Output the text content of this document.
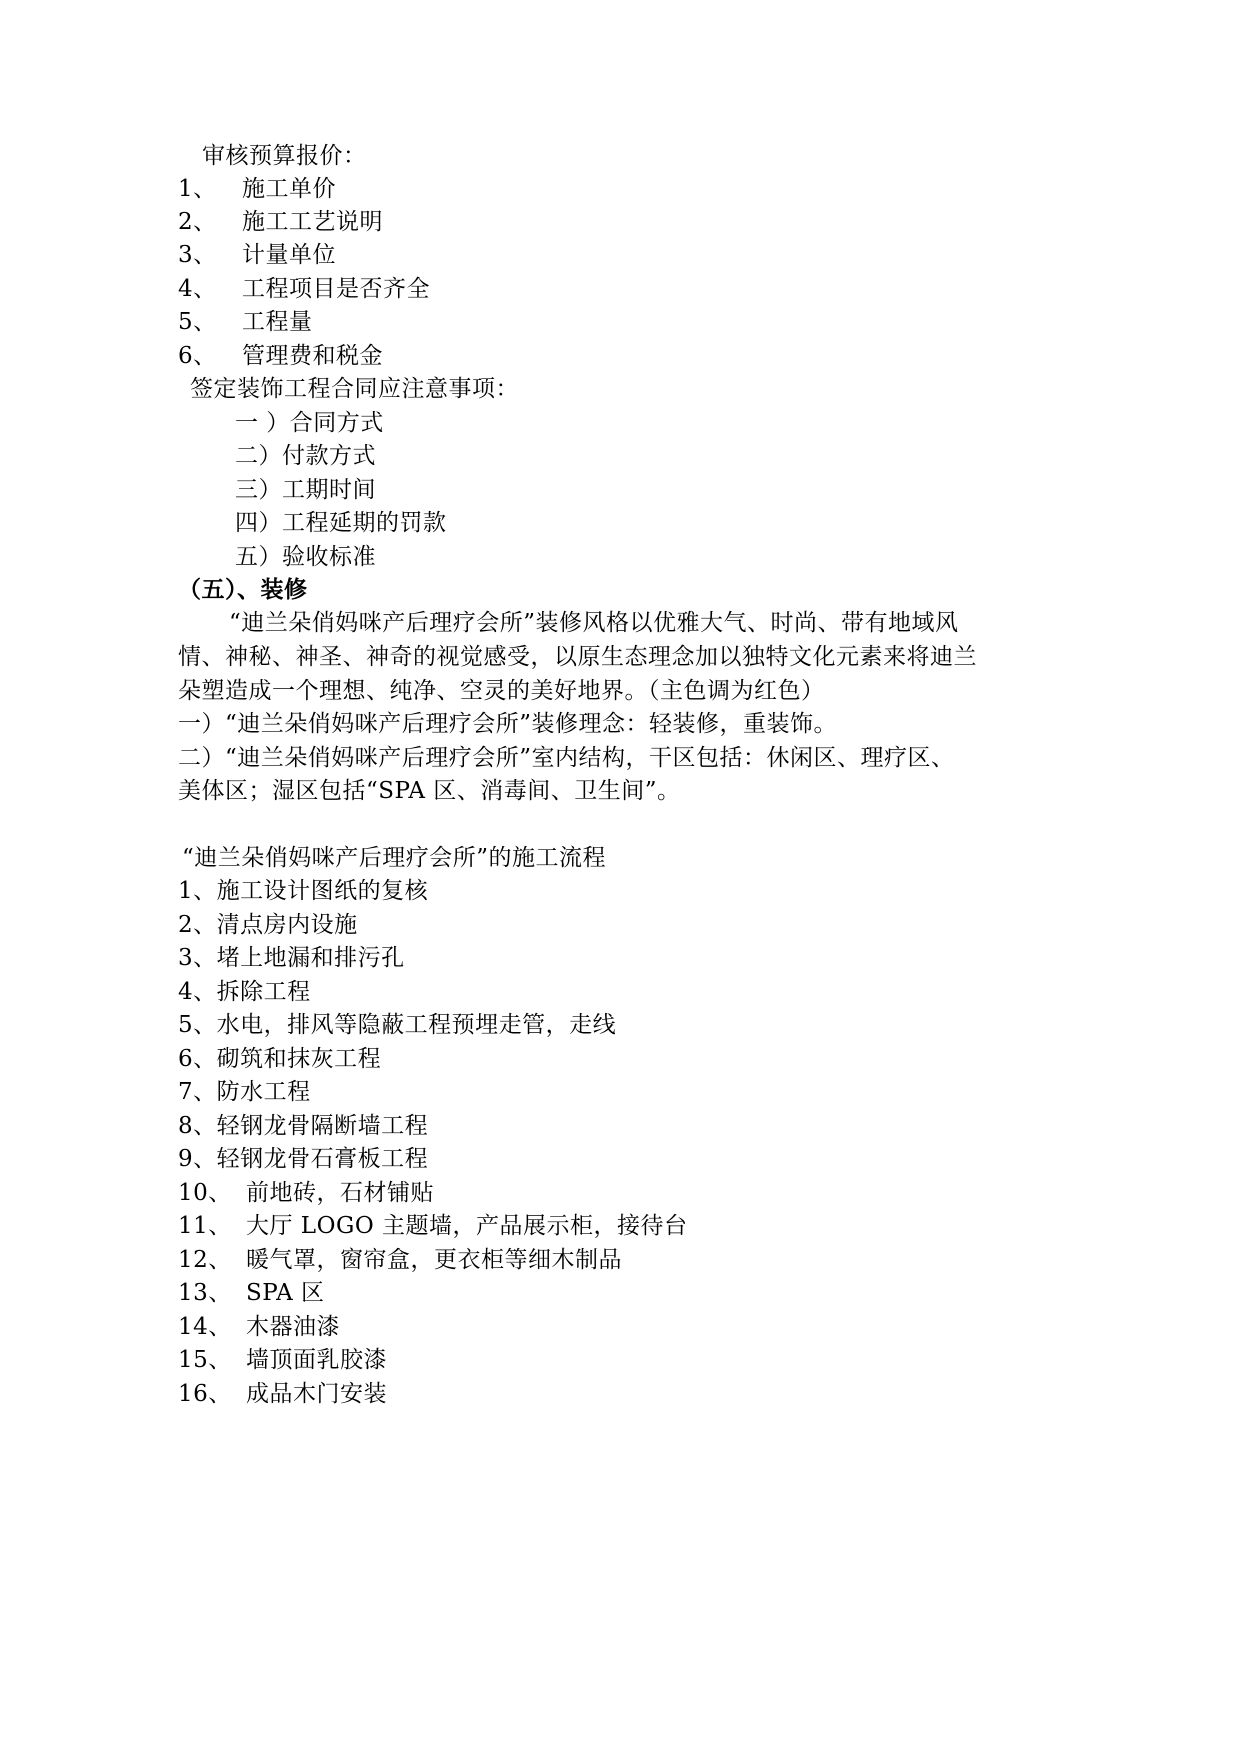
审核预算报价：
1、 施工单价
2、 施工工艺说明
3、 计量单位
4、 工程项目是否齐全
5、 工程量
6、 管理费和税金
签定装饰工程合同应注意事项：
一 ）合同方式
二）付款方式
三）工期时间
四）工程延期的罚款
五）验收标准
（五）、装修
“迪兰朵俏妈咪产后理疗会所”装修风格以优雅大气、时尚、带有地域风
情、神秘、神圣、神奇的视觉感受，以原生态理念加以独特文化元素来将迪兰
朵塑造成一个理想、纯净、空灵的美好地界。（主色调为红色）
一）“迪兰朵俏妈咪产后理疗会所”装修理念：轻装修，重装饰。
二）“迪兰朵俏妈咪产后理疗会所”室内结构，干区包括：休闲区、理疗区、
美体区；湿区包括“SPA 区、消毒间、卫生间”。
“迪兰朵俏妈咪产后理疗会所”的施工流程
1、施工设计图纸的复核
2、清点房内设施
3、堵上地漏和排污孔
4、拆除工程
5、水电，排风等隐蔽工程预埋走管，走线
6、砌筑和抹灰工程
7、防水工程
8、轻钢龙骨隔断墙工程
9、轻钢龙骨石膏板工程
10、 前地砖，石材铺贴
11、 大厅 LOGO 主题墙，产品展示柜，接待台
12、 暖气罩，窗帘盒，更衣柜等细木制品
13、 SPA 区
14、 木器油漆
15、 墙顶面乳胶漆
16、 成品木门安装
